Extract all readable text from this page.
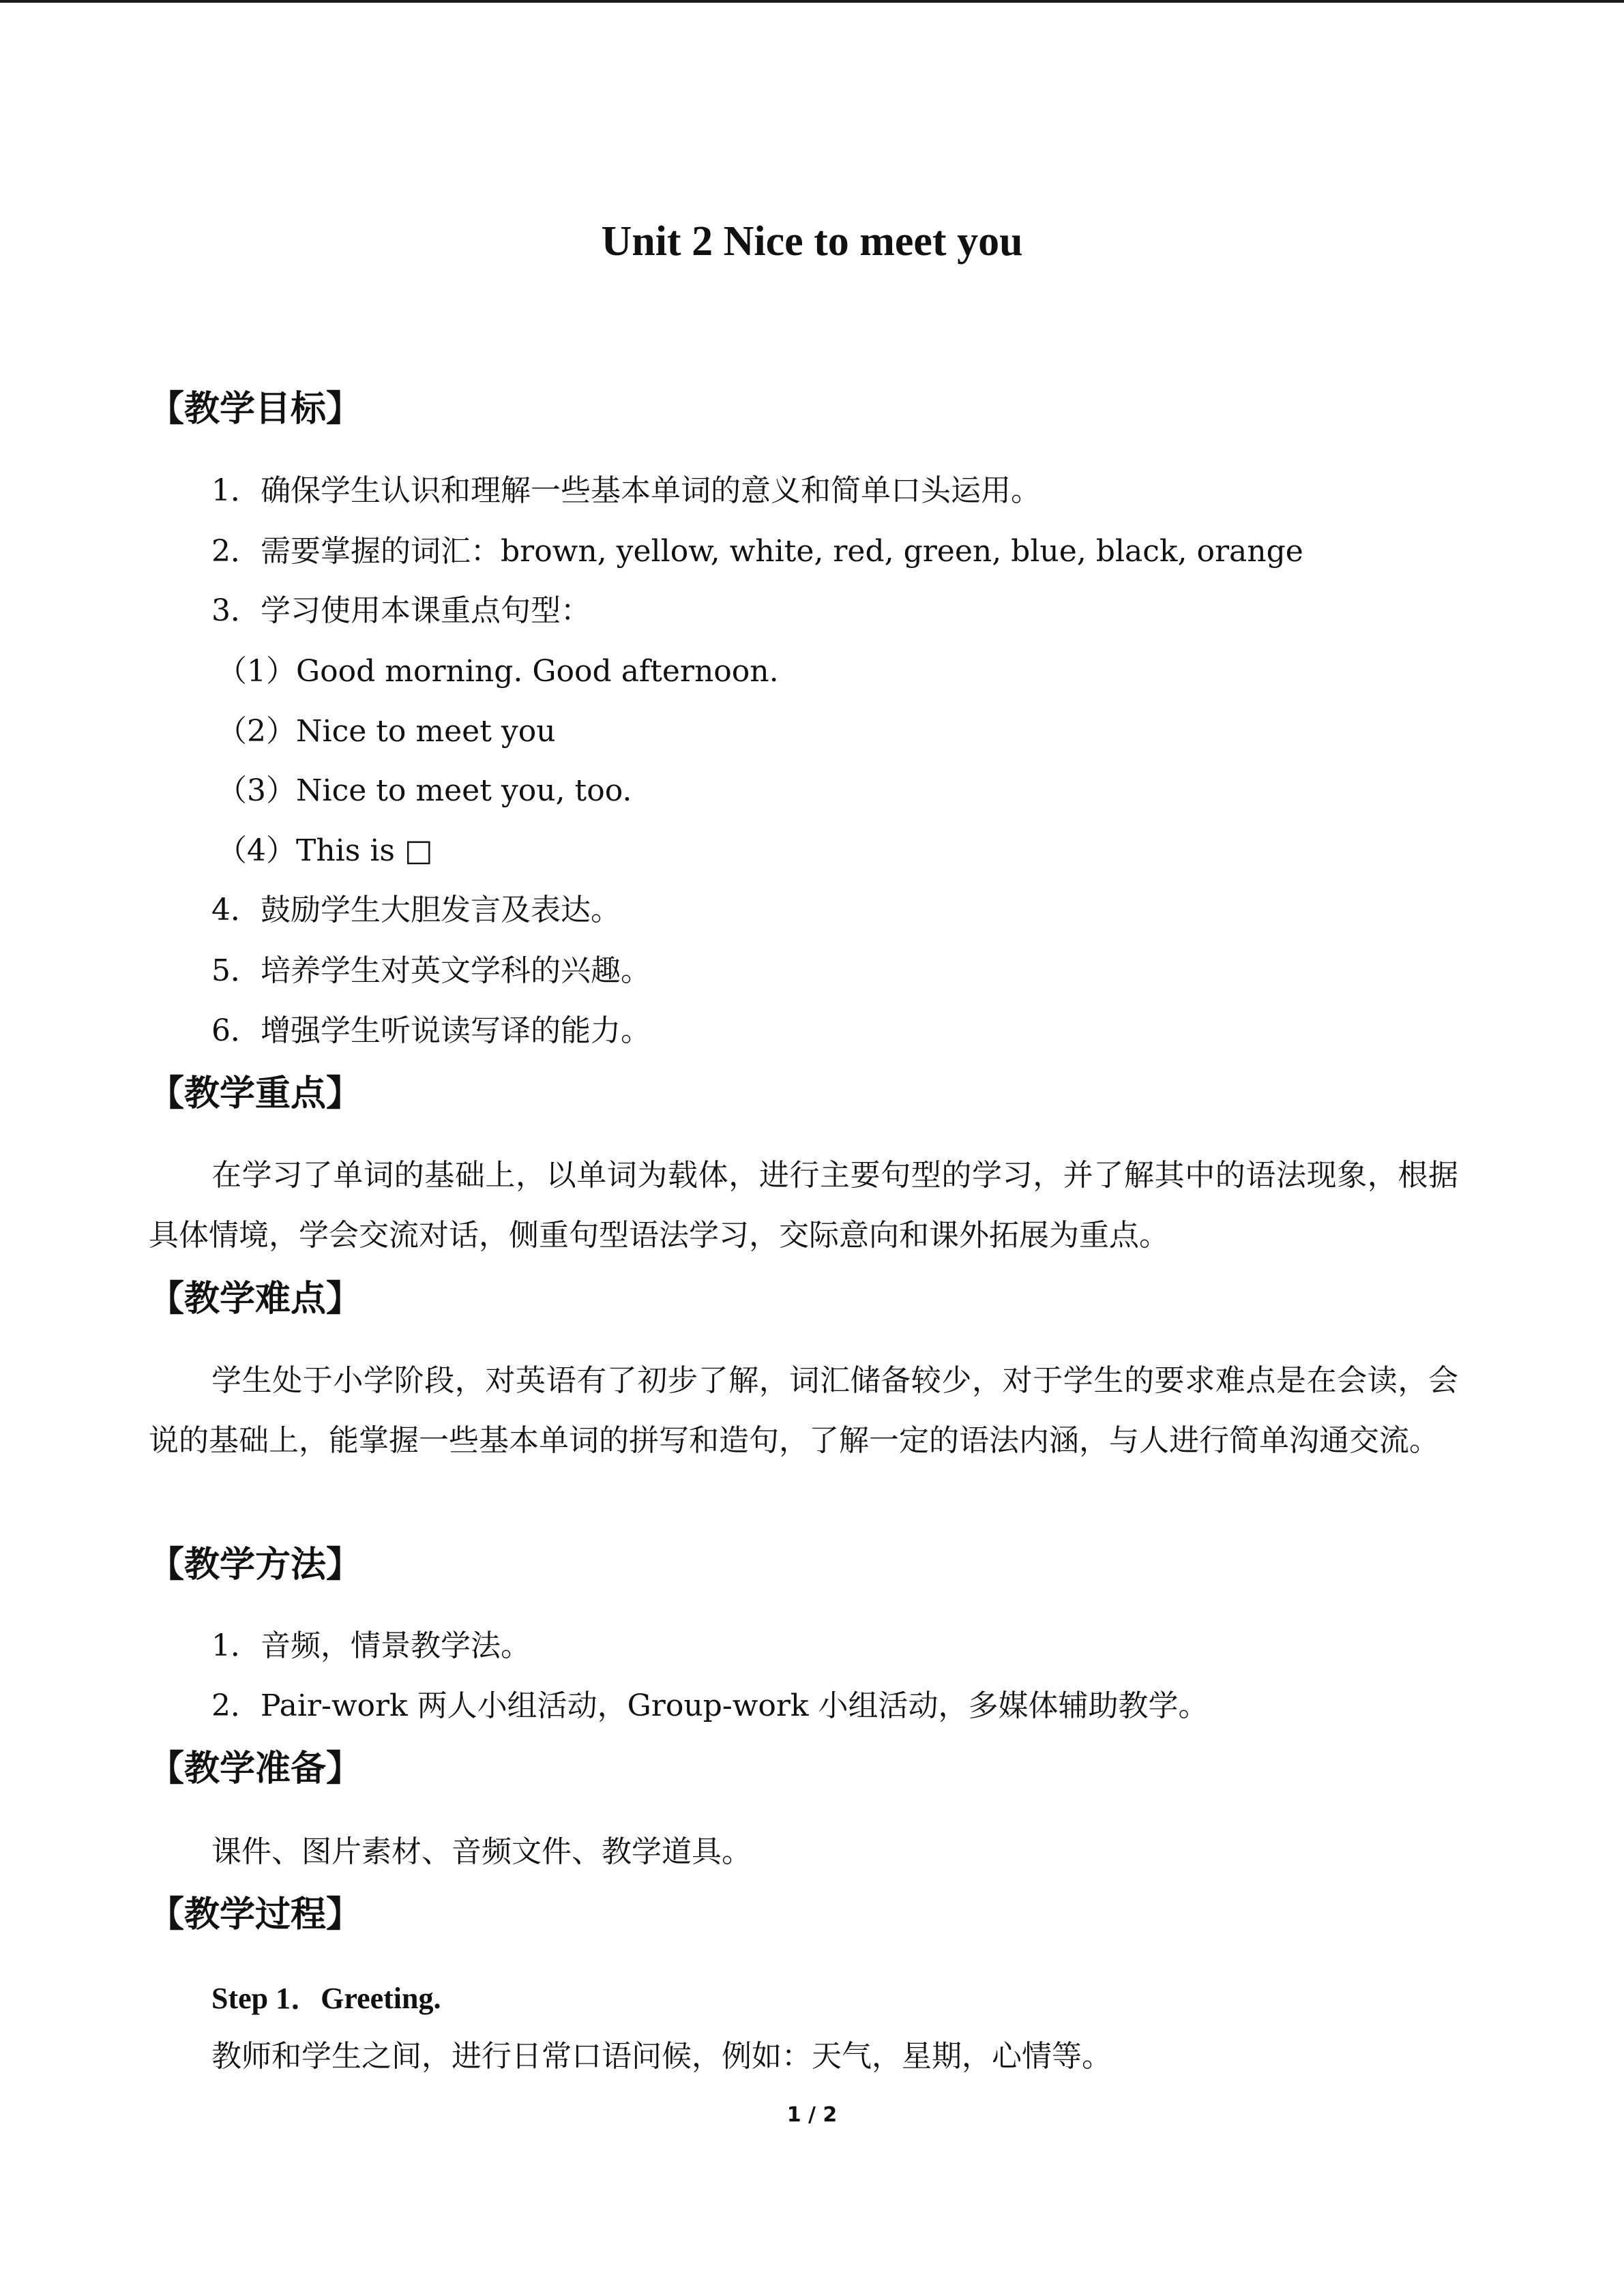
Unit 2 Nice to meet you
【教学目标】
1．确保学生认识和理解一些基本单词的意义和简单口头运用。
2．需要掌握的词汇：brown, yellow, white, red, green, blue, black, orange
3．学习使用本课重点句型：
（1）Good morning. Good afternoon.
（2）Nice to meet you
（3）Nice to meet you, too.
（4）This is □
4．鼓励学生大胆发言及表达。
5．培养学生对英文学科的兴趣。
6．增强学生听说读写译的能力。
【教学重点】

在学习了单词的基础上，以单词为载体，进行主要句型的学习，并了解其中的语法现象，根据具体情境，学会交流对话，侧重句型语法学习，交际意向和课外拓展为重点。

【教学难点】

学生处于小学阶段，对英语有了初步了解，词汇储备较少，对于学生的要求难点是在会读，会说的基础上，能掌握一些基本单词的拼写和造句，了解一定的语法内涵，与人进行简单沟通交流。

【教学方法】
1．音频，情景教学法。
2．Pair-work 两人小组活动，Group-work 小组活动，多媒体辅助教学。
【教学准备】
课件、图片素材、音频文件、教学道具。
【教学过程】
Step 1．Greeting.
教师和学生之间，进行日常口语问候，例如：天气，星期，心情等。
1 / 2
